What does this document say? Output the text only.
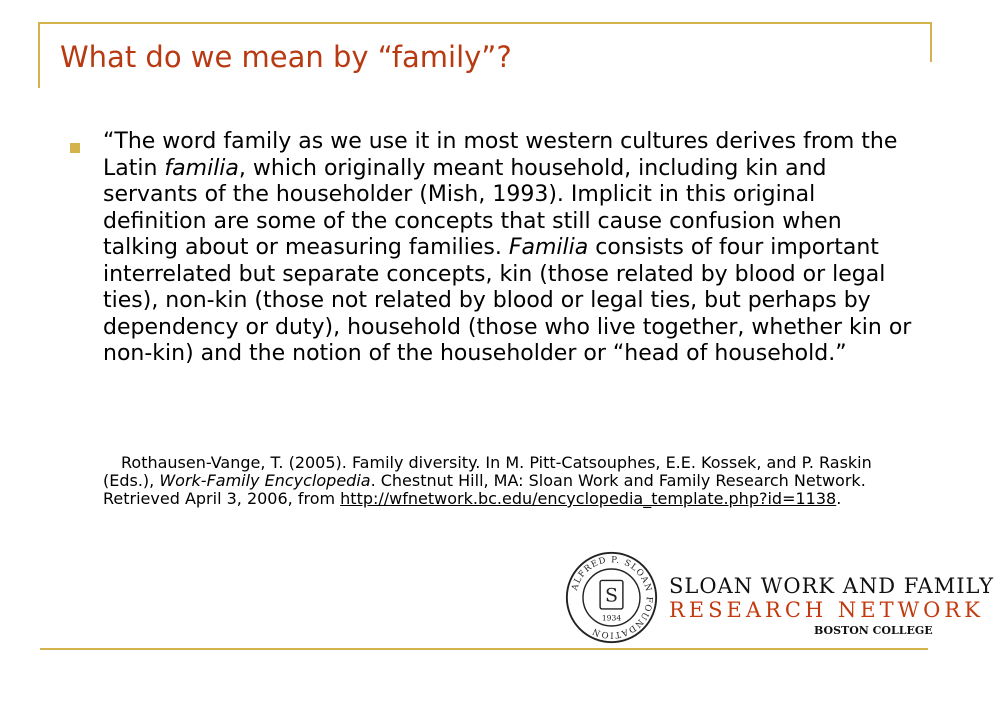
What do we mean by “family”?
“The word family as we use it in most western cultures derives from the Latin familia, which originally meant household, including kin and servants of the householder (Mish, 1993). Implicit in this original definition are some of the concepts that still cause confusion when talking about or measuring families. Familia consists of four important interrelated but separate concepts, kin (those related by blood or legal ties), non-kin (those not related by blood or legal ties, but perhaps by dependency or duty), household (those who live together, whether kin or non-kin) and the notion of the householder or “head of household.”
Rothausen-Vange, T. (2005). Family diversity. In M. Pitt-Catsouphes, E.E. Kossek, and P. Raskin (Eds.), Work-Family Encyclopedia. Chestnut Hill, MA: Sloan Work and Family Research Network. Retrieved April 3, 2006, from http://wfnetwork.bc.edu/encyclopedia_template.php?id=1138.
ALFRED P. SLOAN FOUNDATION
S
1934
SLOAN WORK AND FAMILY
RESEARCH NETWORK
BOSTON COLLEGE
